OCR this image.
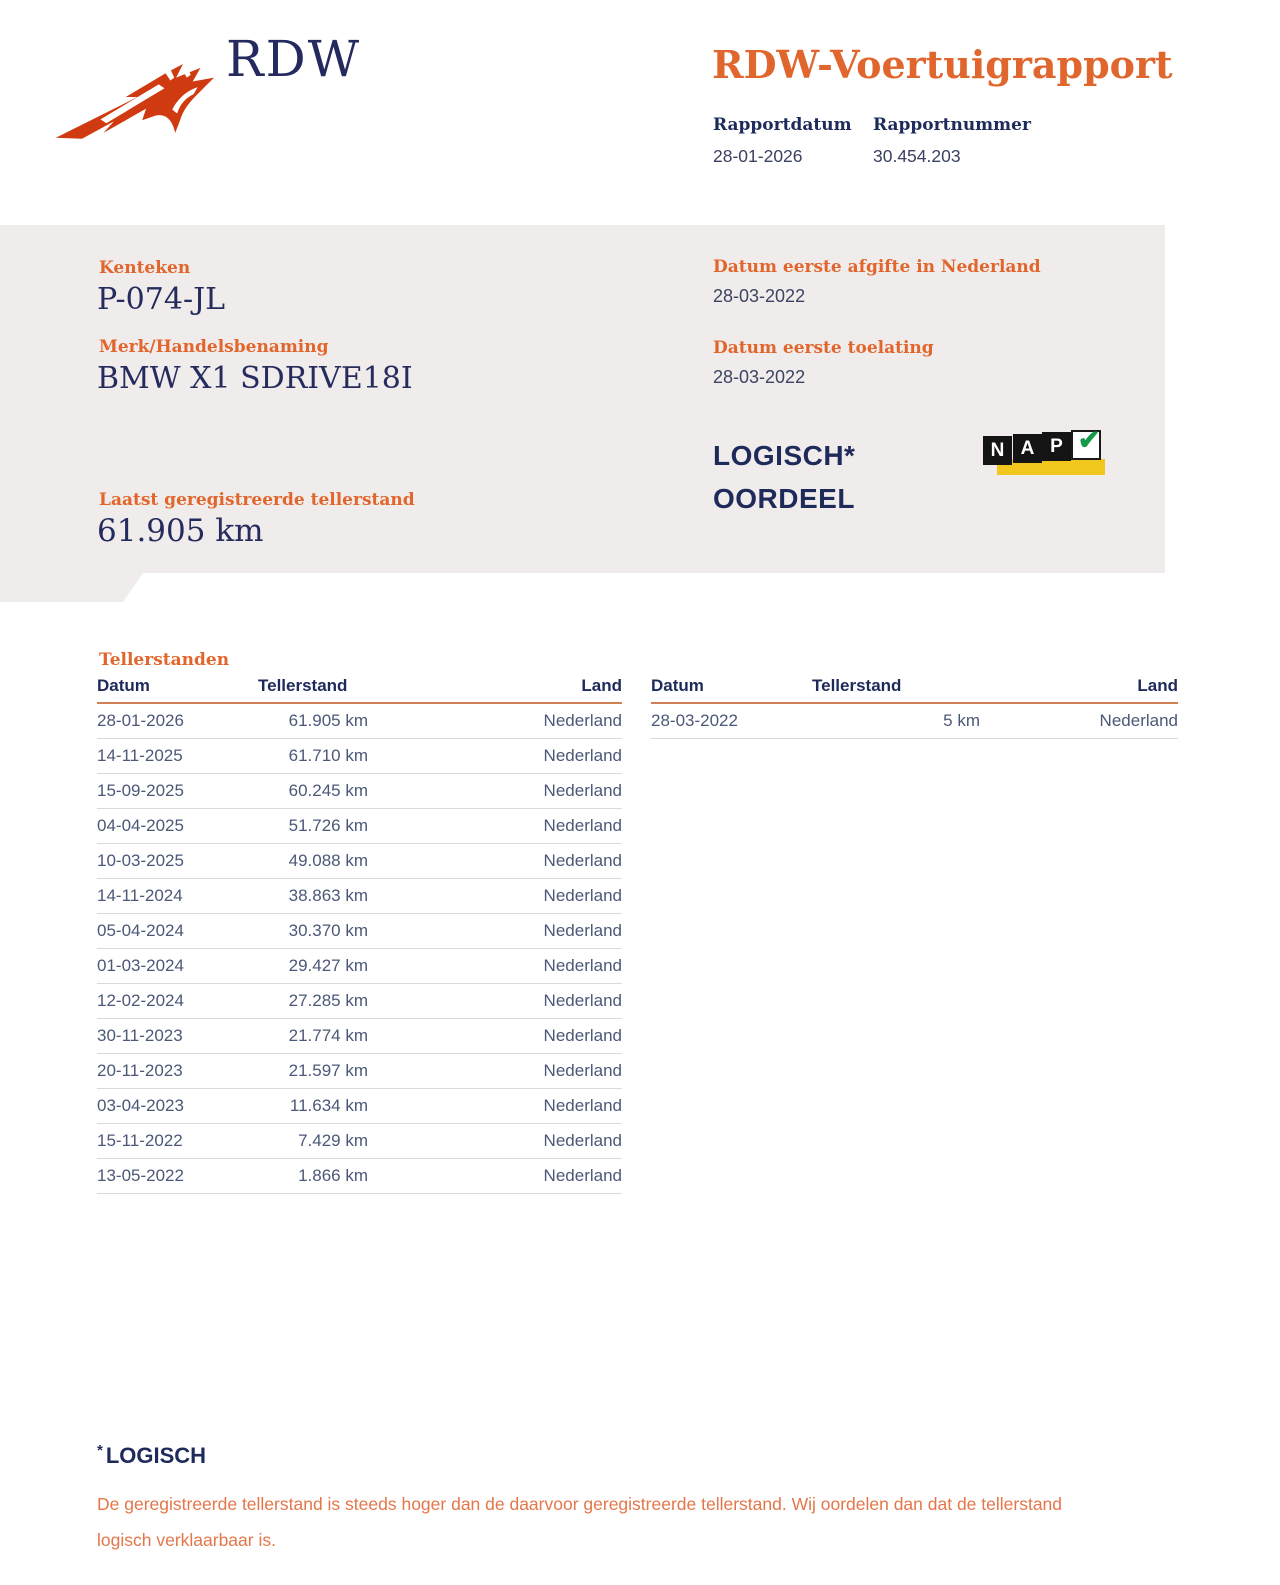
RDW	RDW-Voertuigrapport
Rapportdatum Rapportnummer
28-01-2026	30.454.203
Kenteken
P-074-JL
Merk/Handelsbenaming
BMW X1 SDRIVE18I
Datum eerste afgifte in Nederland
28-03-2022
Datum eerste toelating
28-03-2022
LOGISCH*
OORDEEL
N A P ✔
Laatst geregistreerde tellerstand
61.905 km
Tellerstanden
Datum	Tellerstand	Land
28-01-2026	61.905 km	Nederland
14-11-2025	61.710 km	Nederland
15-09-2025	60.245 km	Nederland
04-04-2025	51.726 km	Nederland
10-03-2025	49.088 km	Nederland
14-11-2024	38.863 km	Nederland
05-04-2024	30.370 km	Nederland
01-03-2024	29.427 km	Nederland
12-02-2024	27.285 km	Nederland
30-11-2023	21.774 km	Nederland
20-11-2023	21.597 km	Nederland
03-04-2023	11.634 km	Nederland
15-11-2022	7.429 km	Nederland
13-05-2022	1.866 km	Nederland
Datum	Tellerstand	Land
28-03-2022	5 km	Nederland
* LOGISCH
De geregistreerde tellerstand is steeds hoger dan de daarvoor geregistreerde tellerstand. Wij oordelen dan dat de tellerstand logisch verklaarbaar is.
